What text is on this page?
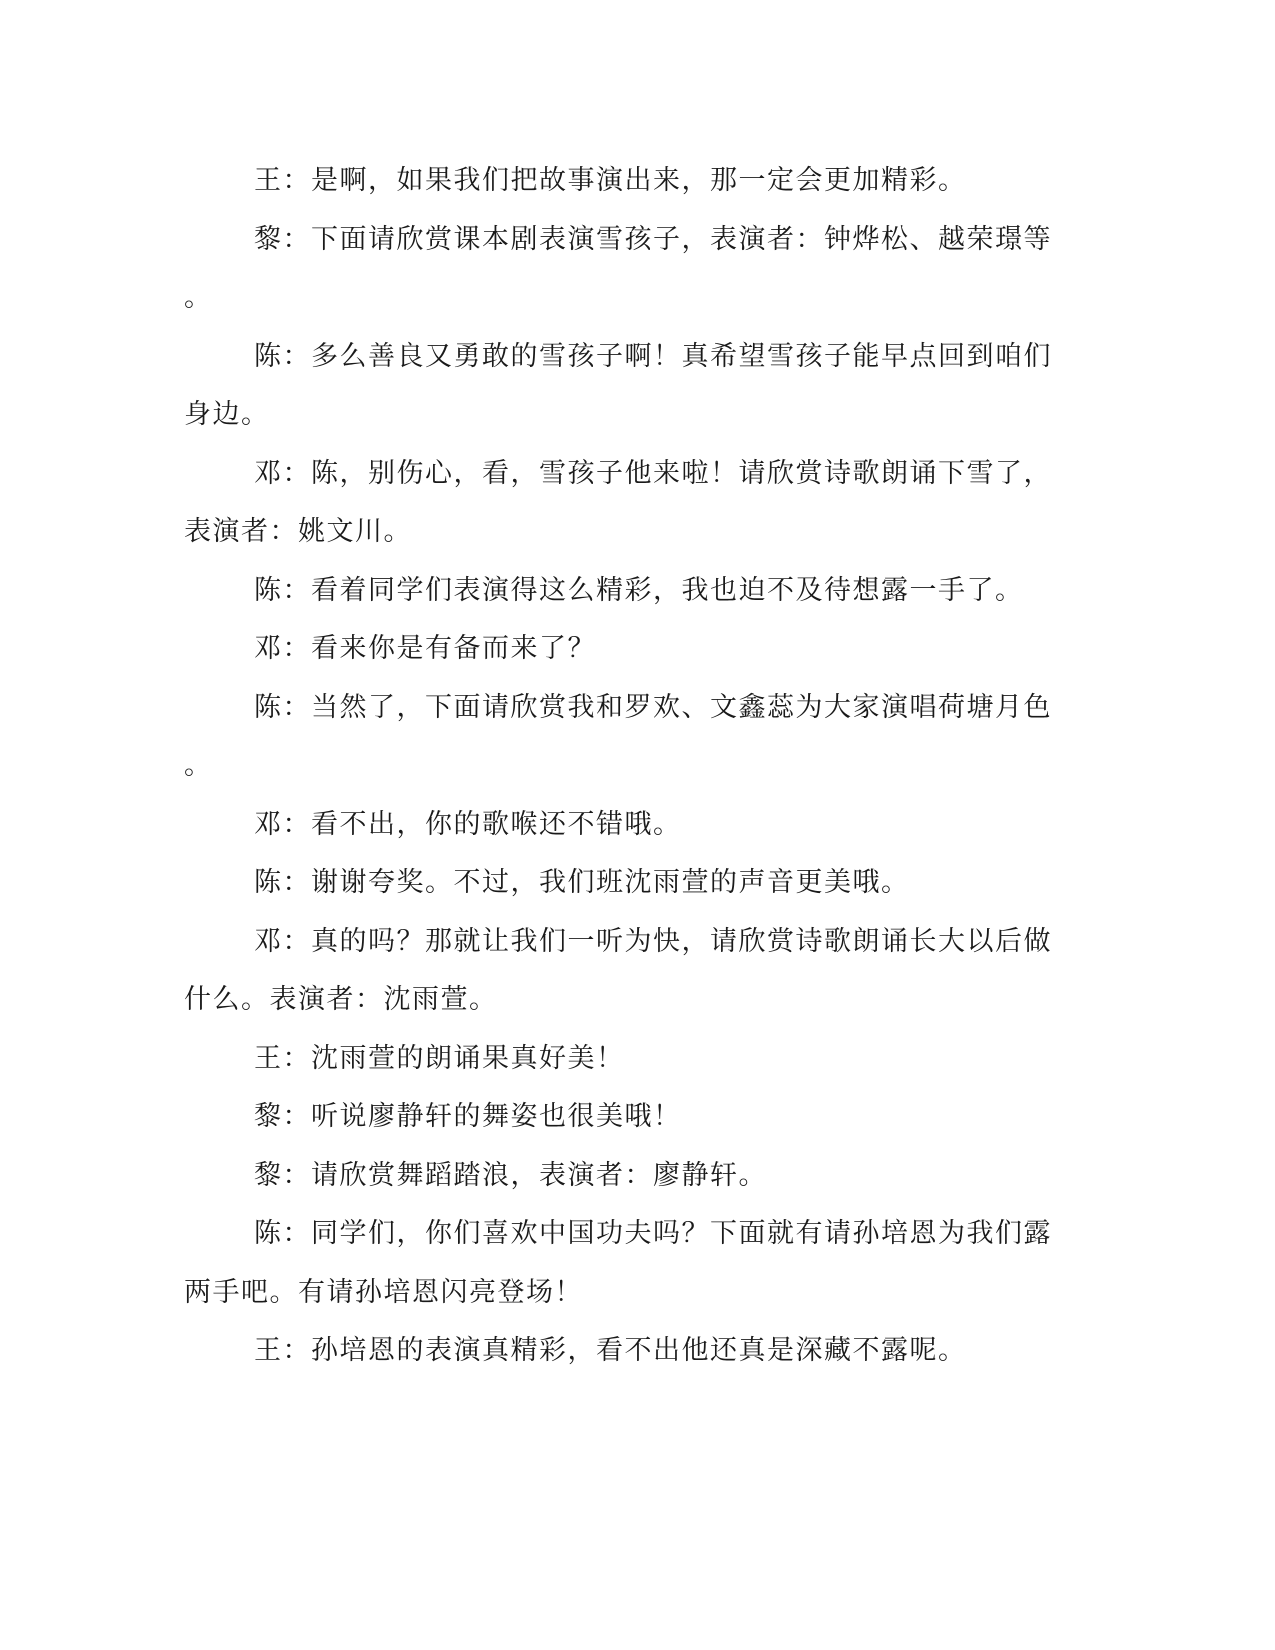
王：是啊，如果我们把故事演出来，那一定会更加精彩。
黎：下面请欣赏课本剧表演雪孩子，表演者：钟烨松、越荣璟等
。
陈：多么善良又勇敢的雪孩子啊！真希望雪孩子能早点回到咱们
身边。
邓：陈，别伤心，看，雪孩子他来啦！请欣赏诗歌朗诵下雪了，
表演者：姚文川。
陈：看着同学们表演得这么精彩，我也迫不及待想露一手了。
邓：看来你是有备而来了？
陈：当然了，下面请欣赏我和罗欢、文鑫蕊为大家演唱荷塘月色
。
邓：看不出，你的歌喉还不错哦。
陈：谢谢夸奖。不过，我们班沈雨萱的声音更美哦。
邓：真的吗？那就让我们一听为快，请欣赏诗歌朗诵长大以后做
什么。表演者：沈雨萱。
王：沈雨萱的朗诵果真好美！
黎：听说廖静轩的舞姿也很美哦！
黎：请欣赏舞蹈踏浪，表演者：廖静轩。
陈：同学们，你们喜欢中国功夫吗？下面就有请孙培恩为我们露
两手吧。有请孙培恩闪亮登场！
王：孙培恩的表演真精彩，看不出他还真是深藏不露呢。
